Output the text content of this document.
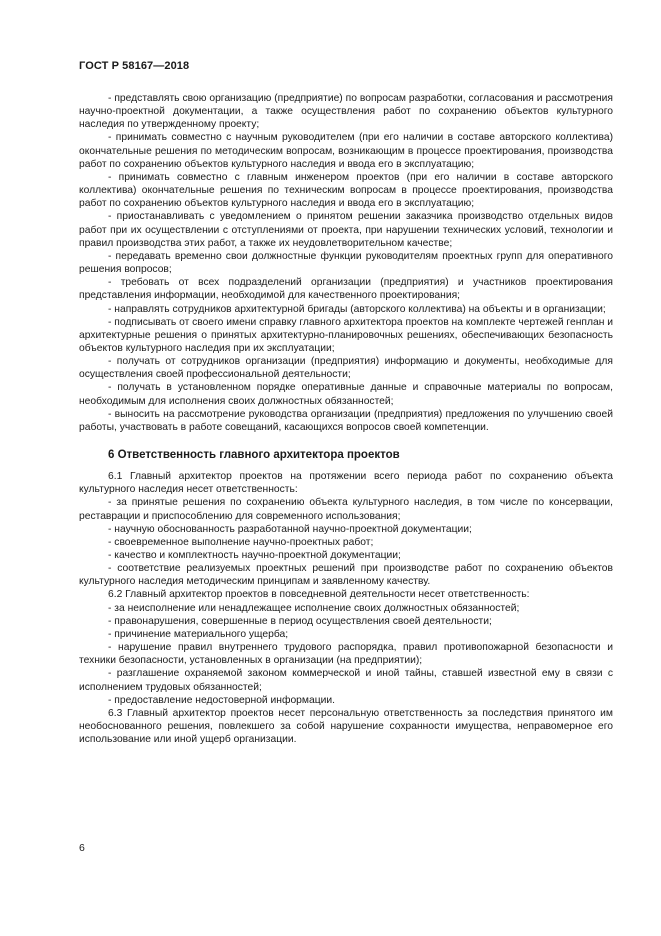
ГОСТ Р 58167—2018

- представлять свою организацию (предприятие) по вопросам разработки, согласования и рассмотрения научно-проектной документации, а также осуществления работ по сохранению объектов культурного наследия по утвержденному проекту;

- принимать совместно с научным руководителем (при его наличии в составе авторского коллектива) окончательные решения по методическим вопросам, возникающим в процессе проектирования, производства работ по сохранению объектов культурного наследия и ввода его в эксплуатацию;

- принимать совместно с главным инженером проектов (при его наличии в составе авторского коллектива) окончательные решения по техническим вопросам в процессе проектирования, производства работ по сохранению объектов культурного наследия и ввода его в эксплуатацию;

- приостанавливать с уведомлением о принятом решении заказчика производство отдельных видов работ при их осуществлении с отступлениями от проекта, при нарушении технических условий, технологии и правил производства этих работ, а также их неудовлетворительном качестве;

- передавать временно свои должностные функции руководителям проектных групп для оперативного решения вопросов;

- требовать от всех подразделений организации (предприятия) и участников проектирования представления информации, необходимой для качественного проектирования;

- направлять сотрудников архитектурной бригады (авторского коллектива) на объекты и в организации;

- подписывать от своего имени справку главного архитектора проектов на комплекте чертежей генплан и архитектурные решения о принятых архитектурно-планировочных решениях, обеспечивающих безопасность объектов культурного наследия при их эксплуатации;

- получать от сотрудников организации (предприятия) информацию и документы, необходимые для осуществления своей профессиональной деятельности;

- получать в установленном порядке оперативные данные и справочные материалы по вопросам, необходимым для исполнения своих должностных обязанностей;

- выносить на рассмотрение руководства организации (предприятия) предложения по улучшению своей работы, участвовать в работе совещаний, касающихся вопросов своей компетенции.

6 Ответственность главного архитектора проектов

6.1 Главный архитектор проектов на протяжении всего периода работ по сохранению объекта культурного наследия несет ответственность:

- за принятые решения по сохранению объекта культурного наследия, в том числе по консервации, реставрации и приспособлению для современного использования;

- научную обоснованность разработанной научно-проектной документации;

- своевременное выполнение научно-проектных работ;

- качество и комплектность научно-проектной документации;

- соответствие реализуемых проектных решений при производстве работ по сохранению объектов культурного наследия методическим принципам и заявленному качеству.

6.2 Главный архитектор проектов в повседневной деятельности несет ответственность:

- за неисполнение или ненадлежащее исполнение своих должностных обязанностей;

- правонарушения, совершенные в период осуществления своей деятельности;

- причинение материального ущерба;

- нарушение правил внутреннего трудового распорядка, правил противопожарной безопасности и техники безопасности, установленных в организации (на предприятии);

- разглашение охраняемой законом коммерческой и иной тайны, ставшей известной ему в связи с исполнением трудовых обязанностей;

- предоставление недостоверной информации.

6.3 Главный архитектор проектов несет персональную ответственность за последствия принятого им необоснованного решения, повлекшего за собой нарушение сохранности имущества, неправомерное его использование или иной ущерб организации.

6
